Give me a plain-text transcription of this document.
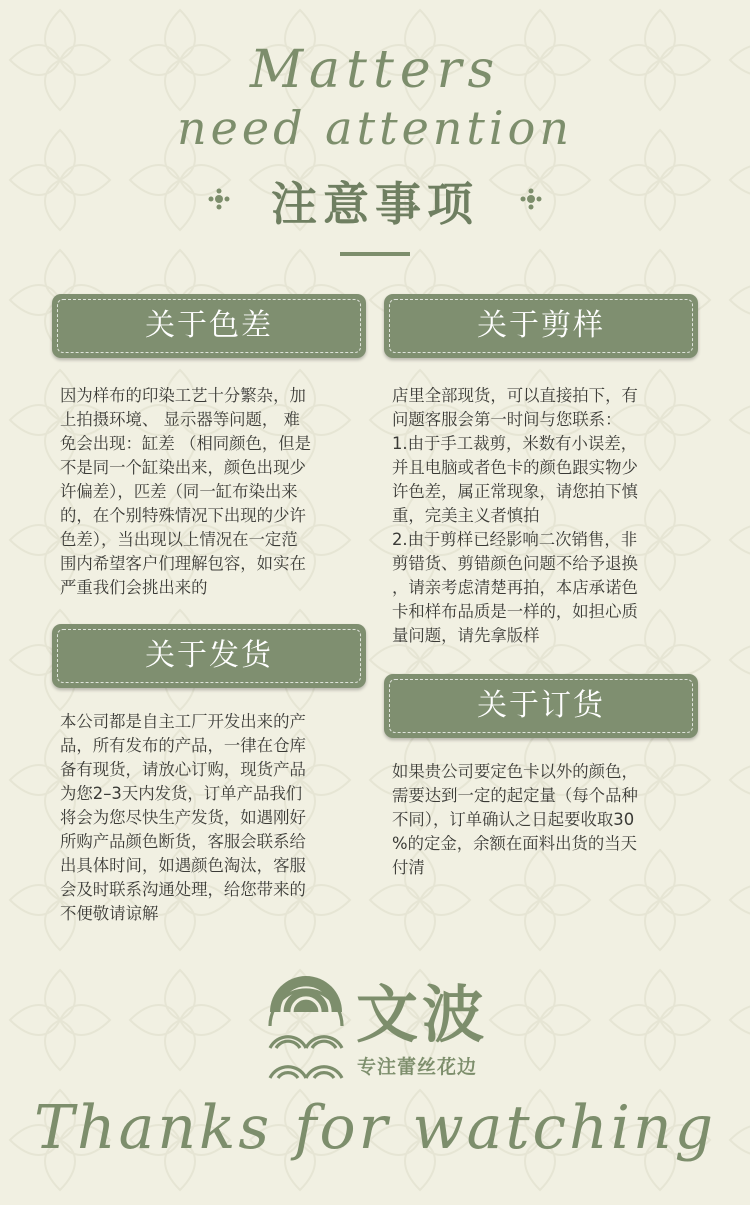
Matters
need attention
注意事项
关于色差
因为样布的印染工艺十分繁杂，加
上拍摄环境、 显示器等问题， 难
免会出现：缸差 （相同颜色，但是
不是同一个缸染出来，颜色出现少
许偏差），匹差（同一缸布染出来
的，在个别特殊情况下出现的少许
色差），当出现以上情况在一定范
围内希望客户们理解包容，如实在
严重我们会挑出来的
关于剪样
店里全部现货，可以直接拍下，有
问题客服会第一时间与您联系：
1.由于手工裁剪，米数有小误差，
并且电脑或者色卡的颜色跟实物少
许色差，属正常现象，请您拍下慎
重，完美主义者慎拍
2.由于剪样已经影响二次销售，非
剪错货、剪错颜色问题不给予退换
，请亲考虑清楚再拍，本店承诺色
卡和样布品质是一样的，如担心质
量问题，请先拿版样
关于发货
本公司都是自主工厂开发出来的产
品，所有发布的产品，一律在仓库
备有现货，请放心订购，现货产品
为您2–3天内发货，订单产品我们
将会为您尽快生产发货，如遇刚好
所购产品颜色断货，客服会联系给
出具体时间，如遇颜色淘汰，客服
会及时联系沟通处理，给您带来的
不便敬请谅解
关于订货
如果贵公司要定色卡以外的颜色，
需要达到一定的起定量（每个品种
不同），订单确认之日起要收取30
%的定金，余额在面料出货的当天
付清
文波
专注蕾丝花边
Thanks for watching
